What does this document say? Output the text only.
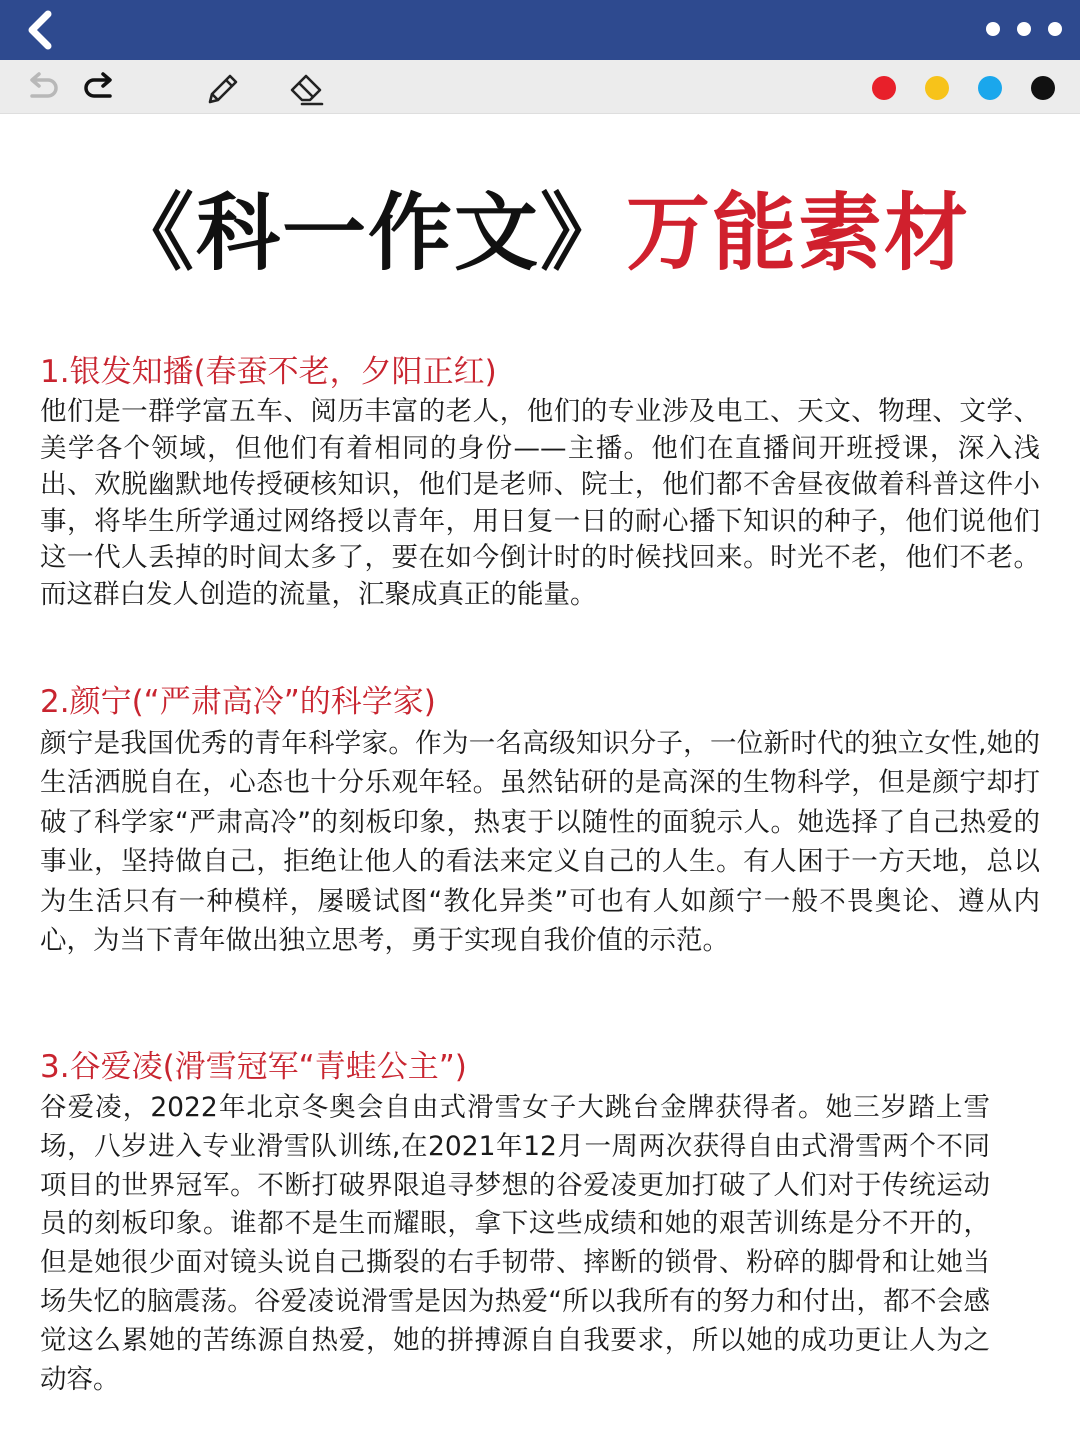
《科一作文》万能素材
1.银发知播(春蚕不老，夕阳正红)
他们是一群学富五车、阅历丰富的老人，他们的专业涉及电工、天文、物理、文学、美学各个领域，但他们有着相同的身份——主播。他们在直播间开班授课，深入浅出、欢脱幽默地传授硬核知识，他们是老师、院士，他们都不舍昼夜做着科普这件小事，将毕生所学通过网络授以青年，用日复一日的耐心播下知识的种子，他们说他们这一代人丢掉的时间太多了，要在如今倒计时的时候找回来。时光不老，他们不老。而这群白发人创造的流量，汇聚成真正的能量。
2.颜宁(“严肃高冷”的科学家)
颜宁是我国优秀的青年科学家。作为一名高级知识分子，一位新时代的独立女性,她的生活洒脱自在，心态也十分乐观年轻。虽然钻研的是高深的生物科学，但是颜宁却打破了科学家“严肃高冷”的刻板印象，热衷于以随性的面貌示人。她选择了自己热爱的事业，坚持做自己，拒绝让他人的看法来定义自己的人生。有人困于一方天地，总以为生活只有一种模样，屡暖试图“教化异类”可也有人如颜宁一般不畏奥论、遵从内心，为当下青年做出独立思考，勇于实现自我价值的示范。
3.谷爱凌(滑雪冠军“青蛙公主”)
谷爱凌，2022年北京冬奥会自由式滑雪女子大跳台金牌获得者。她三岁踏上雪场，八岁进入专业滑雪队训练,在2021年12月一周两次获得自由式滑雪两个不同项目的世界冠军。不断打破界限追寻梦想的谷爱凌更加打破了人们对于传统运动员的刻板印象。谁都不是生而耀眼，拿下这些成绩和她的艰苦训练是分不开的，但是她很少面对镜头说自己撕裂的右手韧带、摔断的锁骨、粉碎的脚骨和让她当场失忆的脑震荡。谷爱凌说滑雪是因为热爱“所以我所有的努力和付出，都不会感觉这么累她的苦练源自热爱，她的拼搏源自自我要求，所以她的成功更让人为之动容。
